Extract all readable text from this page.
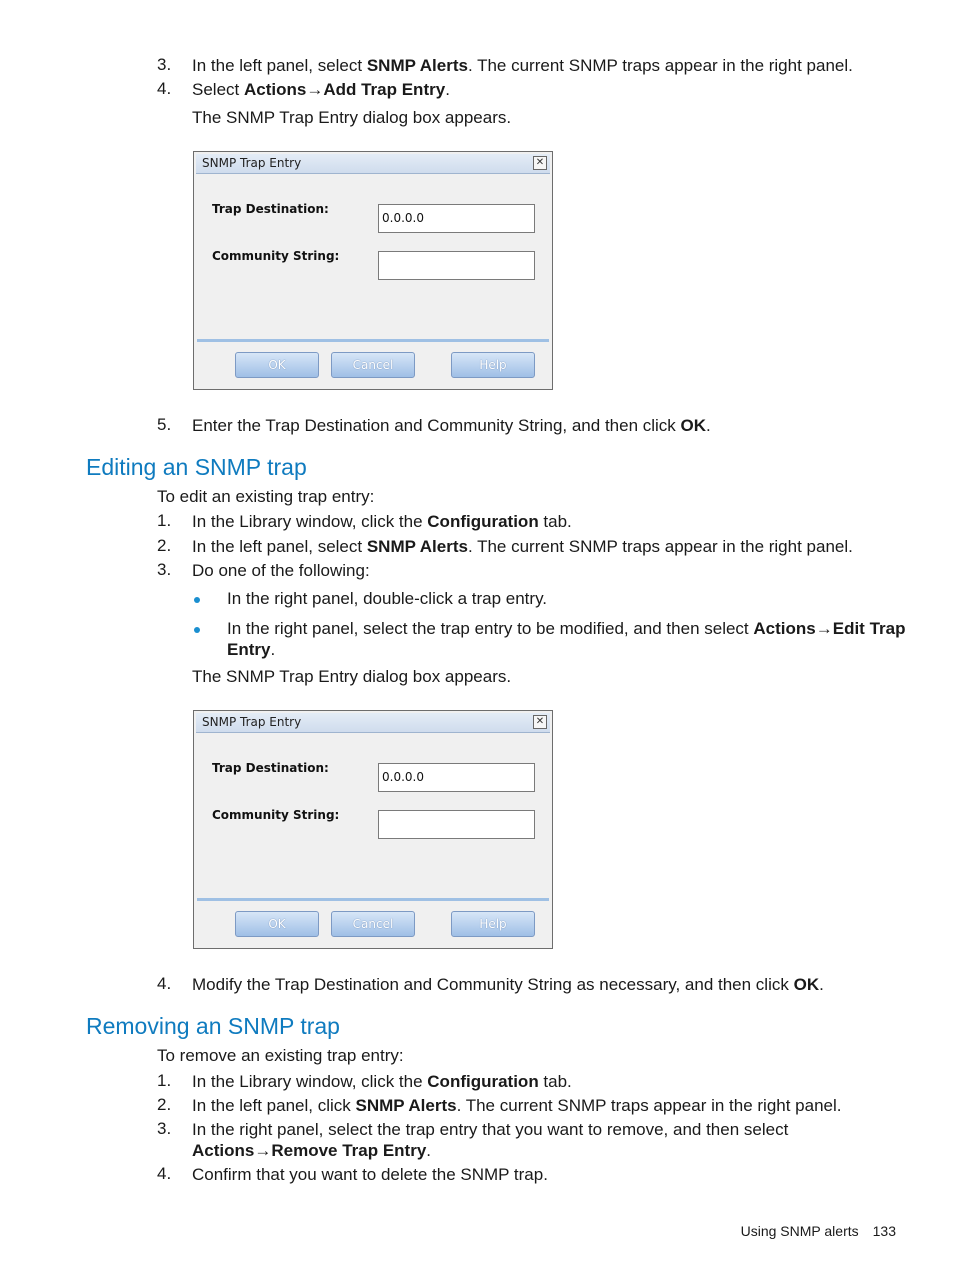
3.	In the left panel, select SNMP Alerts. The current SNMP traps appear in the right panel.
4.	Select Actions→Add Trap Entry.
The SNMP Trap Entry dialog box appears.
SNMP Trap Entry	✕
Trap Destination:
0.0.0.0
Community String:
OK	Cancel	Help
5.	Enter the Trap Destination and Community String, and then click OK.
Editing an SNMP trap
To edit an existing trap entry:
1.	In the Library window, click the Configuration tab.
2.	In the left panel, select SNMP Alerts. The current SNMP traps appear in the right panel.
3.	Do one of the following:
In the right panel, double-click a trap entry.
In the right panel, select the trap entry to be modified, and then select Actions→Edit Trap
Entry.
The SNMP Trap Entry dialog box appears.
SNMP Trap Entry	✕
Trap Destination:
0.0.0.0
Community String:
OK	Cancel	Help
4.	Modify the Trap Destination and Community String as necessary, and then click OK.
Removing an SNMP trap
To remove an existing trap entry:
1.	In the Library window, click the Configuration tab.
2.	In the left panel, click SNMP Alerts. The current SNMP traps appear in the right panel.
3.	In the right panel, select the trap entry that you want to remove, and then select
Actions→Remove Trap Entry.
4.	Confirm that you want to delete the SNMP trap.
Using SNMP alerts 133
